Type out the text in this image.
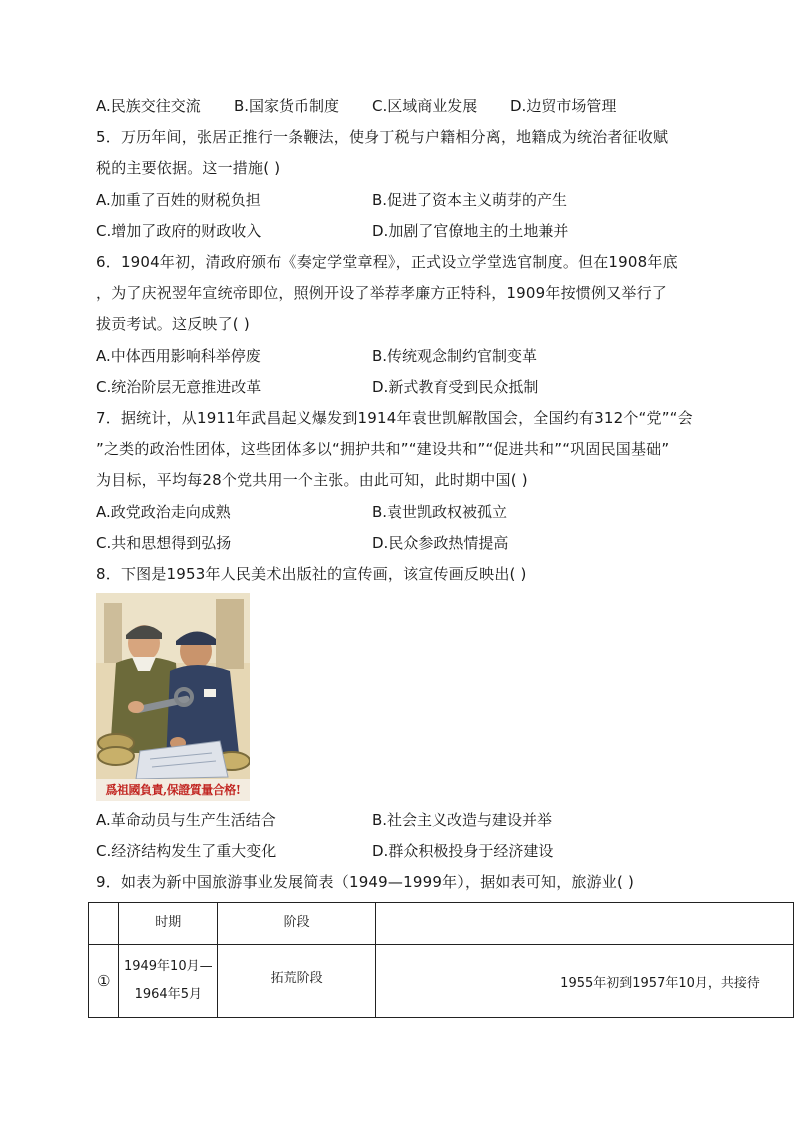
A.民族交往交流 B.国家货币制度 C.区域商业发展 D.边贸市场管理
5．万历年间，张居正推行一条鞭法，使身丁税与户籍相分离，地籍成为统治者征收赋
税的主要依据。这一措施( )
A.加重了百姓的财税负担	B.促进了资本主义萌芽的产生
C.增加了政府的财政收入	D.加剧了官僚地主的土地兼并
6．1904年初，清政府颁布《奏定学堂章程》，正式设立学堂选官制度。但在1908年底
，为了庆祝翌年宣统帝即位，照例开设了举荐孝廉方正特科，1909年按惯例又举行了
拔贡考试。这反映了( )
A.中体西用影响科举停废	B.传统观念制约官制变革
C.统治阶层无意推进改革	D.新式教育受到民众抵制
7．据统计，从1911年武昌起义爆发到1914年袁世凯解散国会，全国约有312个“党”“会
”之类的政治性团体，这些团体多以“拥护共和”“建设共和”“促进共和”“巩固民国基础”
为目标，平均每28个党共用一个主张。由此可知，此时期中国( )
A.政党政治走向成熟	B.袁世凯政权被孤立
C.共和思想得到弘扬	D.民众参政热情提高
8．下图是1953年人民美术出版社的宣传画，该宣传画反映出( )
爲祖國負責,保證質量合格!
A.革命动员与生产生活结合	B.社会主义改造与建设并举
C.经济结构发生了重大变化	D.群众积极投身于经济建设
9．如表为新中国旅游事业发展简表（1949—1999年），据如表可知，旅游业( )
	时期	阶段	
①	1949年10月—
1964年5月	拓荒阶段	1955年初到1957年10月，共接待
